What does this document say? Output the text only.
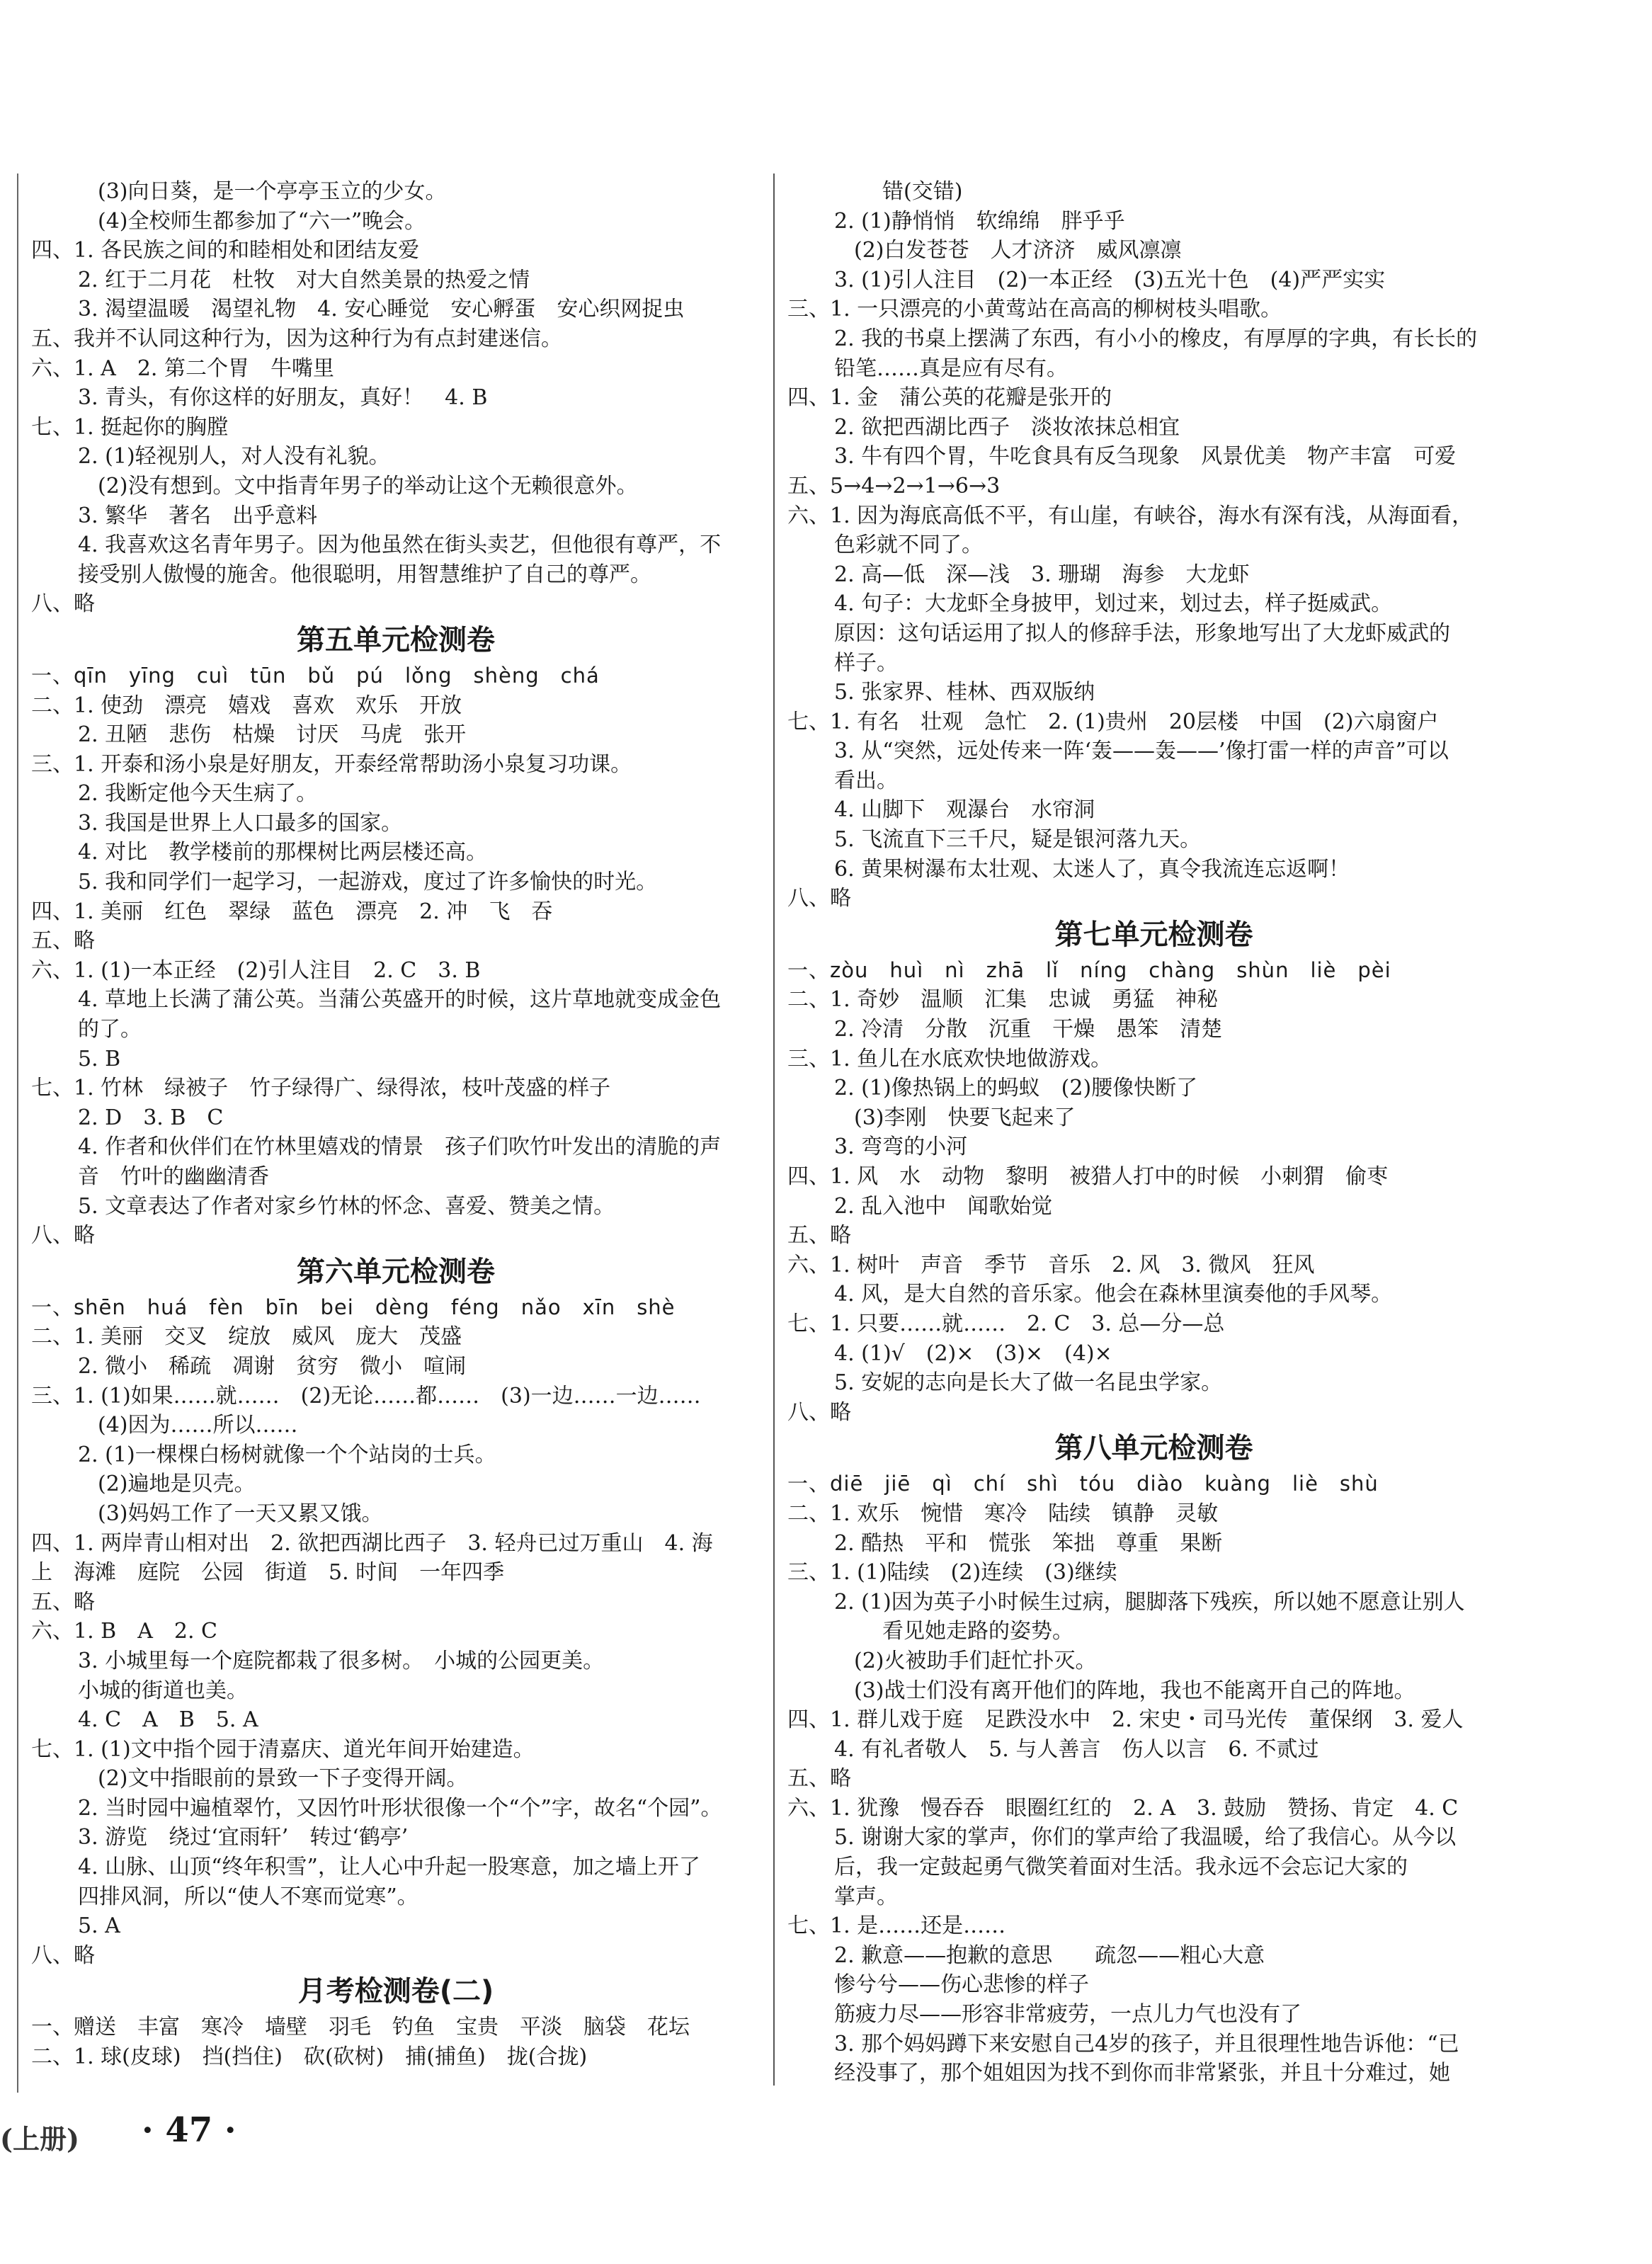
(3)向日葵，是一个亭亭玉立的少女。
(4)全校师生都参加了“六一”晚会。
四、1. 各民族之间的和睦相处和团结友爱
2. 红于二月花　杜牧　对大自然美景的热爱之情
3. 渴望温暖　渴望礼物　4. 安心睡觉　安心孵蛋　安心织网捉虫
五、我并不认同这种行为，因为这种行为有点封建迷信。
六、1. A　2. 第二个胃　牛嘴里
3. 青头，有你这样的好朋友，真好！　4. B
七、1. 挺起你的胸膛
2. (1)轻视别人，对人没有礼貌。
(2)没有想到。文中指青年男子的举动让这个无赖很意外。
3. 繁华　著名　出乎意料
4. 我喜欢这名青年男子。因为他虽然在街头卖艺，但他很有尊严，不
接受别人傲慢的施舍。他很聪明，用智慧维护了自己的尊严。
八、略
第五单元检测卷
一、qīn　yīng　cuì　tūn　bǔ　pú　lǒng　shèng　chá
二、1. 使劲　漂亮　嬉戏　喜欢　欢乐　开放
2. 丑陋　悲伤　枯燥　讨厌　马虎　张开
三、1. 开泰和汤小泉是好朋友，开泰经常帮助汤小泉复习功课。
2. 我断定他今天生病了。
3. 我国是世界上人口最多的国家。
4. 对比　教学楼前的那棵树比两层楼还高。
5. 我和同学们一起学习，一起游戏，度过了许多愉快的时光。
四、1. 美丽　红色　翠绿　蓝色　漂亮　2. 冲　飞　吞
五、略
六、1. (1)一本正经　(2)引人注目　2. C　3. B
4. 草地上长满了蒲公英。当蒲公英盛开的时候，这片草地就变成金色
的了。
5. B
七、1. 竹林　绿被子　竹子绿得广、绿得浓，枝叶茂盛的样子
2. D　3. B　C
4. 作者和伙伴们在竹林里嬉戏的情景　孩子们吹竹叶发出的清脆的声
音　竹叶的幽幽清香
5. 文章表达了作者对家乡竹林的怀念、喜爱、赞美之情。
八、略
第六单元检测卷
一、shēn　huá　fèn　bīn　bei　dèng　féng　nǎo　xīn　shè
二、1. 美丽　交叉　绽放　威风　庞大　茂盛
2. 微小　稀疏　凋谢　贫穷　微小　喧闹
三、1. (1)如果……就……　(2)无论……都……　(3)一边……一边……
(4)因为……所以……
2. (1)一棵棵白杨树就像一个个站岗的士兵。
(2)遍地是贝壳。
(3)妈妈工作了一天又累又饿。
四、1. 两岸青山相对出　2. 欲把西湖比西子　3. 轻舟已过万重山　4. 海
上　海滩　庭院　公园　街道　5. 时间　一年四季
五、略
六、1. B　A　2. C
3. 小城里每一个庭院都栽了很多树。　小城的公园更美。
小城的街道也美。
4. C　A　B　5. A
七、1. (1)文中指个园于清嘉庆、道光年间开始建造。
(2)文中指眼前的景致一下子变得开阔。
2. 当时园中遍植翠竹，又因竹叶形状很像一个“个”字，故名“个园”。
3. 游览　绕过‘宜雨轩’　转过‘鹤亭’
4. 山脉、山顶“终年积雪”，让人心中升起一股寒意，加之墙上开了
四排风洞，所以“使人不寒而觉寒”。
5. A
八、略
月考检测卷(二)
一、赠送　丰富　寒冷　墙壁　羽毛　钓鱼　宝贵　平淡　脑袋　花坛
二、1. 球(皮球)　挡(挡住)　砍(砍树)　捕(捕鱼)　拢(合拢)
错(交错)
2. (1)静悄悄　软绵绵　胖乎乎
(2)白发苍苍　人才济济　威风凛凛
3. (1)引人注目　(2)一本正经　(3)五光十色　(4)严严实实
三、1. 一只漂亮的小黄莺站在高高的柳树枝头唱歌。
2. 我的书桌上摆满了东西，有小小的橡皮，有厚厚的字典，有长长的
铅笔……真是应有尽有。
四、1. 金　蒲公英的花瓣是张开的
2. 欲把西湖比西子　淡妆浓抹总相宜
3. 牛有四个胃，牛吃食具有反刍现象　风景优美　物产丰富　可爱
五、5→4→2→1→6→3
六、1. 因为海底高低不平，有山崖，有峡谷，海水有深有浅，从海面看，
色彩就不同了。
2. 高—低　深—浅　3. 珊瑚　海参　大龙虾
4. 句子：大龙虾全身披甲，划过来，划过去，样子挺威武。
原因：这句话运用了拟人的修辞手法，形象地写出了大龙虾威武的
样子。
5. 张家界、桂林、西双版纳
七、1. 有名　壮观　急忙　2. (1)贵州　20层楼　中国　(2)六扇窗户
3. 从“突然，远处传来一阵‘轰——轰——’像打雷一样的声音”可以
看出。
4. 山脚下　观瀑台　水帘洞
5. 飞流直下三千尺，疑是银河落九天。
6. 黄果树瀑布太壮观、太迷人了，真令我流连忘返啊！
八、略
第七单元检测卷
一、zòu　huì　nì　zhā　lǐ　níng　chàng　shùn　liè　pèi
二、1. 奇妙　温顺　汇集　忠诚　勇猛　神秘
2. 冷清　分散　沉重　干燥　愚笨　清楚
三、1. 鱼儿在水底欢快地做游戏。
2. (1)像热锅上的蚂蚁　(2)腰像快断了
(3)李刚　快要飞起来了
3. 弯弯的小河
四、1. 风　水　动物　黎明　被猎人打中的时候　小刺猬　偷枣
2. 乱入池中　闻歌始觉
五、略
六、1. 树叶　声音　季节　音乐　2. 风　3. 微风　狂风
4. 风，是大自然的音乐家。他会在森林里演奏他的手风琴。
七、1. 只要……就……　2. C　3. 总—分—总
4. (1)√　(2)×　(3)×　(4)×
5. 安妮的志向是长大了做一名昆虫学家。
八、略
第八单元检测卷
一、diē　jiē　qì　chí　shì　tóu　diào　kuàng　liè　shù
二、1. 欢乐　惋惜　寒冷　陆续　镇静　灵敏
2. 酷热　平和　慌张　笨拙　尊重　果断
三、1. (1)陆续　(2)连续　(3)继续
2. (1)因为英子小时候生过病，腿脚落下残疾，所以她不愿意让别人
看见她走路的姿势。
(2)火被助手们赶忙扑灭。
(3)战士们没有离开他们的阵地，我也不能离开自己的阵地。
四、1. 群儿戏于庭　足跌没水中　2. 宋史・司马光传　董保纲　3. 爱人
4. 有礼者敬人　5. 与人善言　伤人以言　6. 不贰过
五、略
六、1. 犹豫　慢吞吞　眼圈红红的　2. A　3. 鼓励　赞扬、肯定　4. C
5. 谢谢大家的掌声，你们的掌声给了我温暖，给了我信心。从今以
后，我一定鼓起勇气微笑着面对生活。我永远不会忘记大家的
掌声。
七、1. 是……还是……
2. 歉意——抱歉的意思　　疏忽——粗心大意
惨兮兮——伤心悲惨的样子
筋疲力尽——形容非常疲劳，一点儿力气也没有了
3. 那个妈妈蹲下来安慰自己4岁的孩子，并且很理性地告诉他：“已
经没事了，那个姐姐因为找不到你而非常紧张，并且十分难过，她
(上册) · 47 ·
